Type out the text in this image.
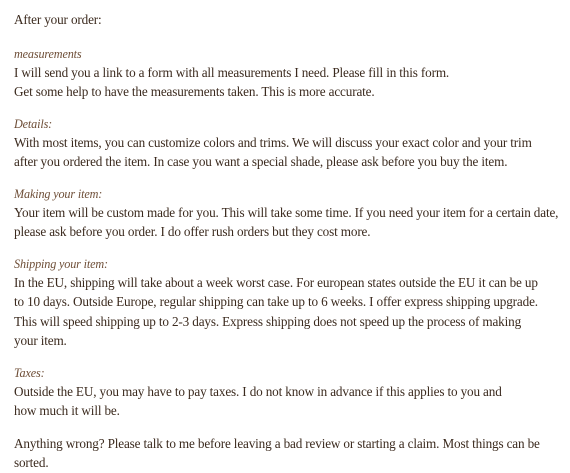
After your order:
measurements
I will send you a link to a form with all measurements I need. Please fill in this form.
Get some help to have the measurements taken. This is more accurate.
Details:
With most items, you can customize colors and trims. We will discuss your exact color and your trim
after you ordered the item. In case you want a special shade, please ask before you buy the item.
Making your item:
Your item will be custom made for you. This will take some time. If you need your item for a certain date,
please ask before you order. I do offer rush orders but they cost more.
Shipping your item:
In the EU, shipping will take about a week worst case. For european states outside the EU it can be up
to 10 days. Outside Europe, regular shipping can take up to 6 weeks. I offer express shipping upgrade.
This will speed shipping up to 2-3 days. Express shipping does not speed up the process of making
your item.
Taxes:
Outside the EU, you may have to pay taxes. I do not know in advance if this applies to you and
how much it will be.
Anything wrong? Please talk to me before leaving a bad review or starting a claim. Most things can be sorted.
